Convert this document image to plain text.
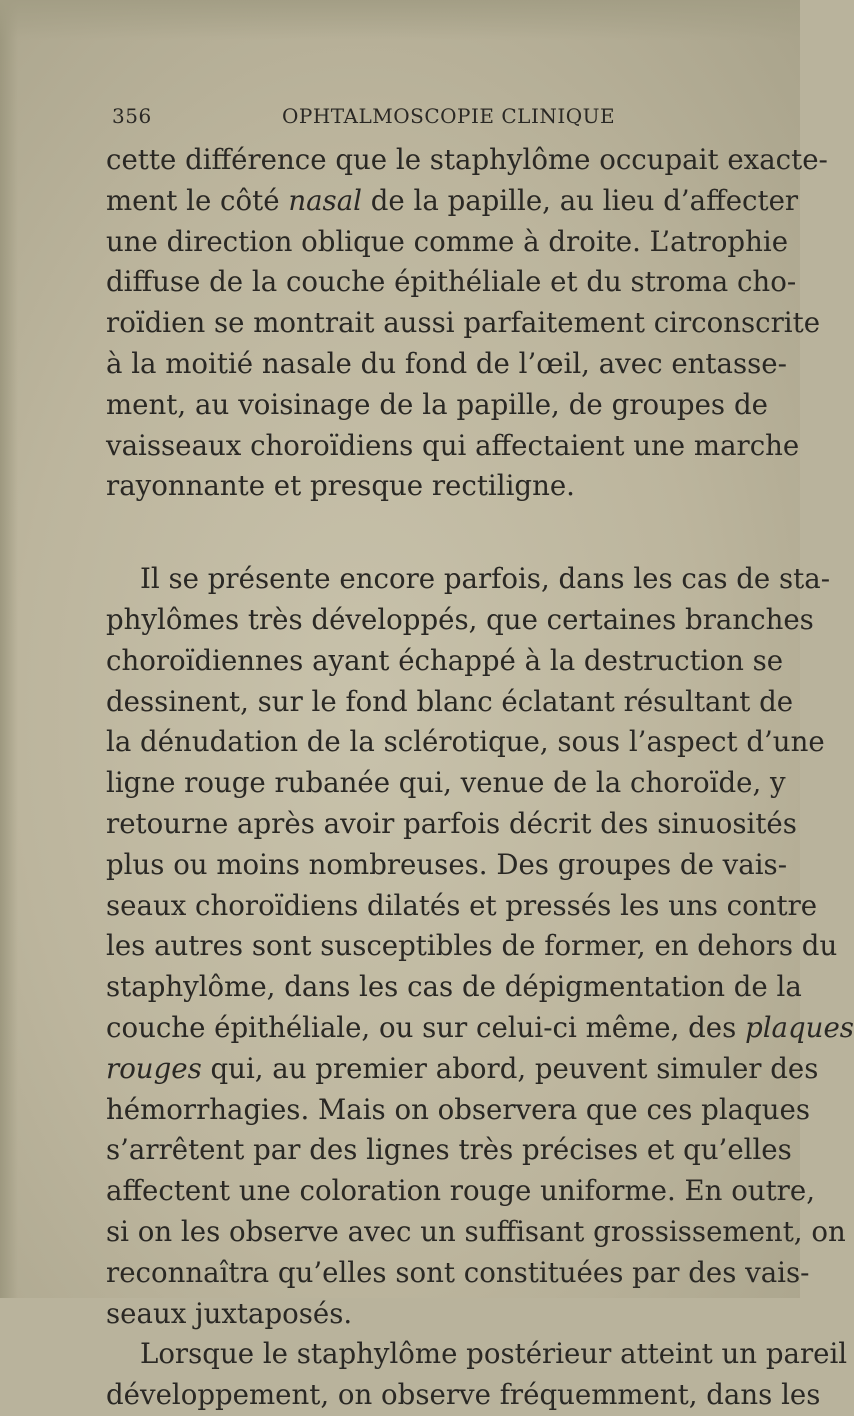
356	OPHTALMOSCOPIE CLINIQUE
cette différence que le staphylôme occupait exacte-
ment le côté nasal de la papille, au lieu d’affecter
une direction oblique comme à droite. L’atrophie
diffuse de la couche épithéliale et du stroma cho-
roïdien se montrait aussi parfaitement circonscrite
à la moitié nasale du fond de l’œil, avec entasse-
ment, au voisinage de la papille, de groupes de
vaisseaux choroïdiens qui affectaient une marche
rayonnante et presque rectiligne.
Il se présente encore parfois, dans les cas de sta-
phylômes très développés, que certaines branches
choroïdiennes ayant échappé à la destruction se
dessinent, sur le fond blanc éclatant résultant de
la dénudation de la sclérotique, sous l’aspect d’une
ligne rouge rubanée qui, venue de la choroïde, y
retourne après avoir parfois décrit des sinuosités
plus ou moins nombreuses. Des groupes de vais-
seaux choroïdiens dilatés et pressés les uns contre
les autres sont susceptibles de former, en dehors du
staphylôme, dans les cas de dépigmentation de la
couche épithéliale, ou sur celui-ci même, des plaques
rouges qui, au premier abord, peuvent simuler des
hémorrhagies. Mais on observera que ces plaques
s’arrêtent par des lignes très précises et qu’elles
affectent une coloration rouge uniforme. En outre,
si on les observe avec un suffisant grossissement, on
reconnaîtra qu’elles sont constituées par des vais-
seaux juxtaposés.
Lorsque le staphylôme postérieur atteint un pareil
développement, on observe fréquemment, dans les
